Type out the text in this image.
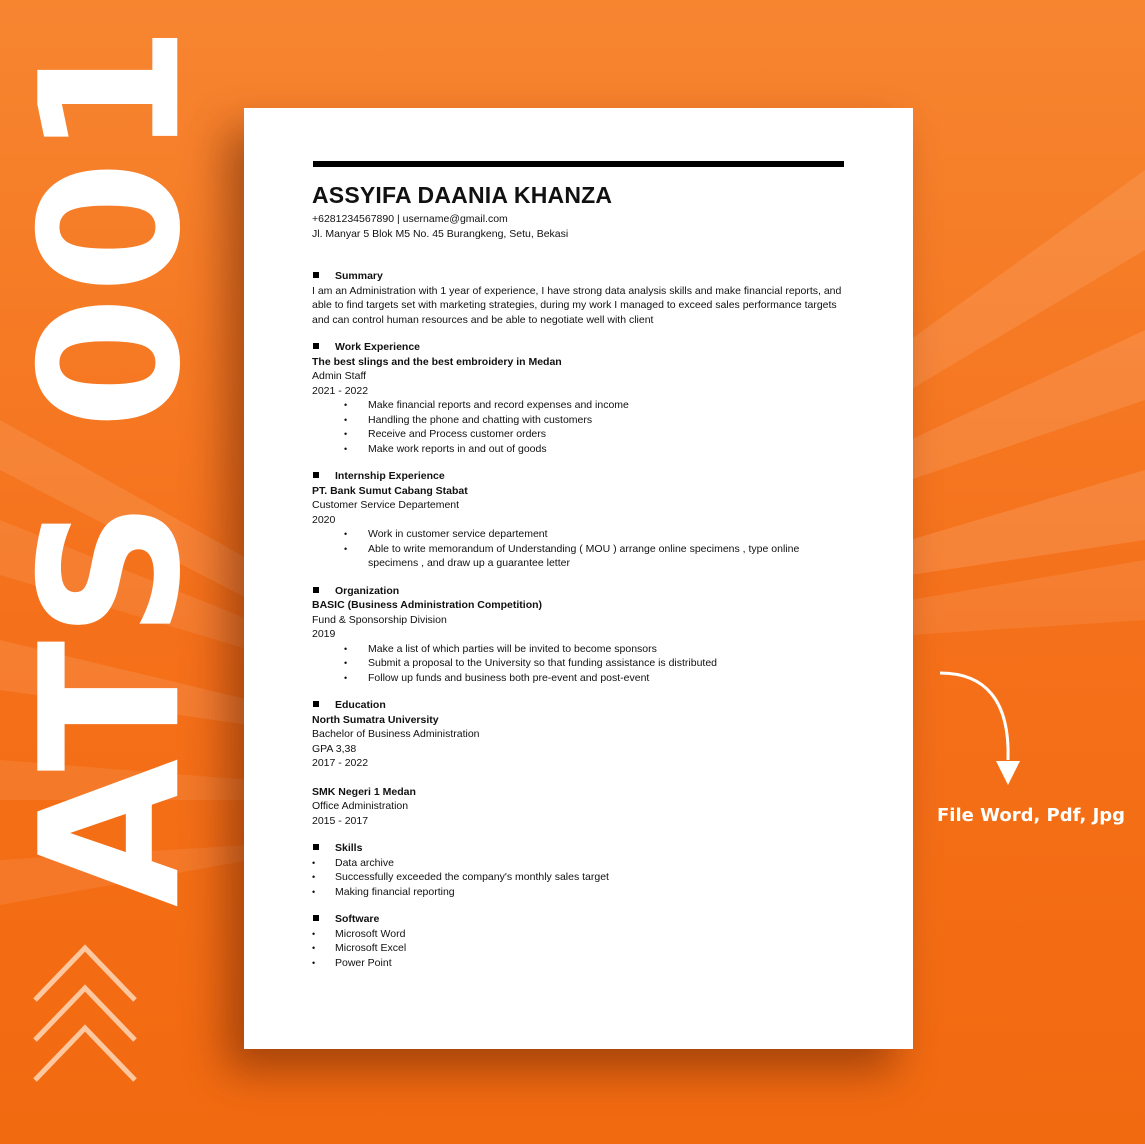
ATS 001	ASSYIFA DAANIA KHANZA
+6281234567890 | username@gmail.com
Jl. Manyar 5 Blok M5 No. 45 Burangkeng, Setu, Bekasi
Summary
I am an Administration with 1 year of experience, I have strong data analysis skills and make financial reports, and able to find targets set with marketing strategies, during my work I managed to exceed sales performance targets and can control human resources and be able to negotiate well with client
Work Experience
The best slings and the best embroidery in Medan
Admin Staff
2021 - 2022
• Make financial reports and record expenses and income
• Handling the phone and chatting with customers
• Receive and Process customer orders
• Make work reports in and out of goods
Internship Experience
PT. Bank Sumut Cabang Stabat
Customer Service Departement
2020
• Work in customer service departement
• Able to write memorandum of Understanding ( MOU ) arrange online specimens , type online specimens , and draw up a guarantee letter
Organization
BASIC (Business Administration Competition)
Fund & Sponsorship Division
2019
• Make a list of which parties will be invited to become sponsors
• Submit a proposal to the University so that funding assistance is distributed
• Follow up funds and business both pre-event and post-event
Education
North Sumatra University
Bachelor of Business Administration
GPA 3,38
2017 - 2022
SMK Negeri 1 Medan
Office Administration
2015 - 2017
Skills
• Data archive
• Successfully exceeded the company's monthly sales target
• Making financial reporting
Software
• Microsoft Word
• Microsoft Excel
• Power Point
File Word, Pdf, Jpg
